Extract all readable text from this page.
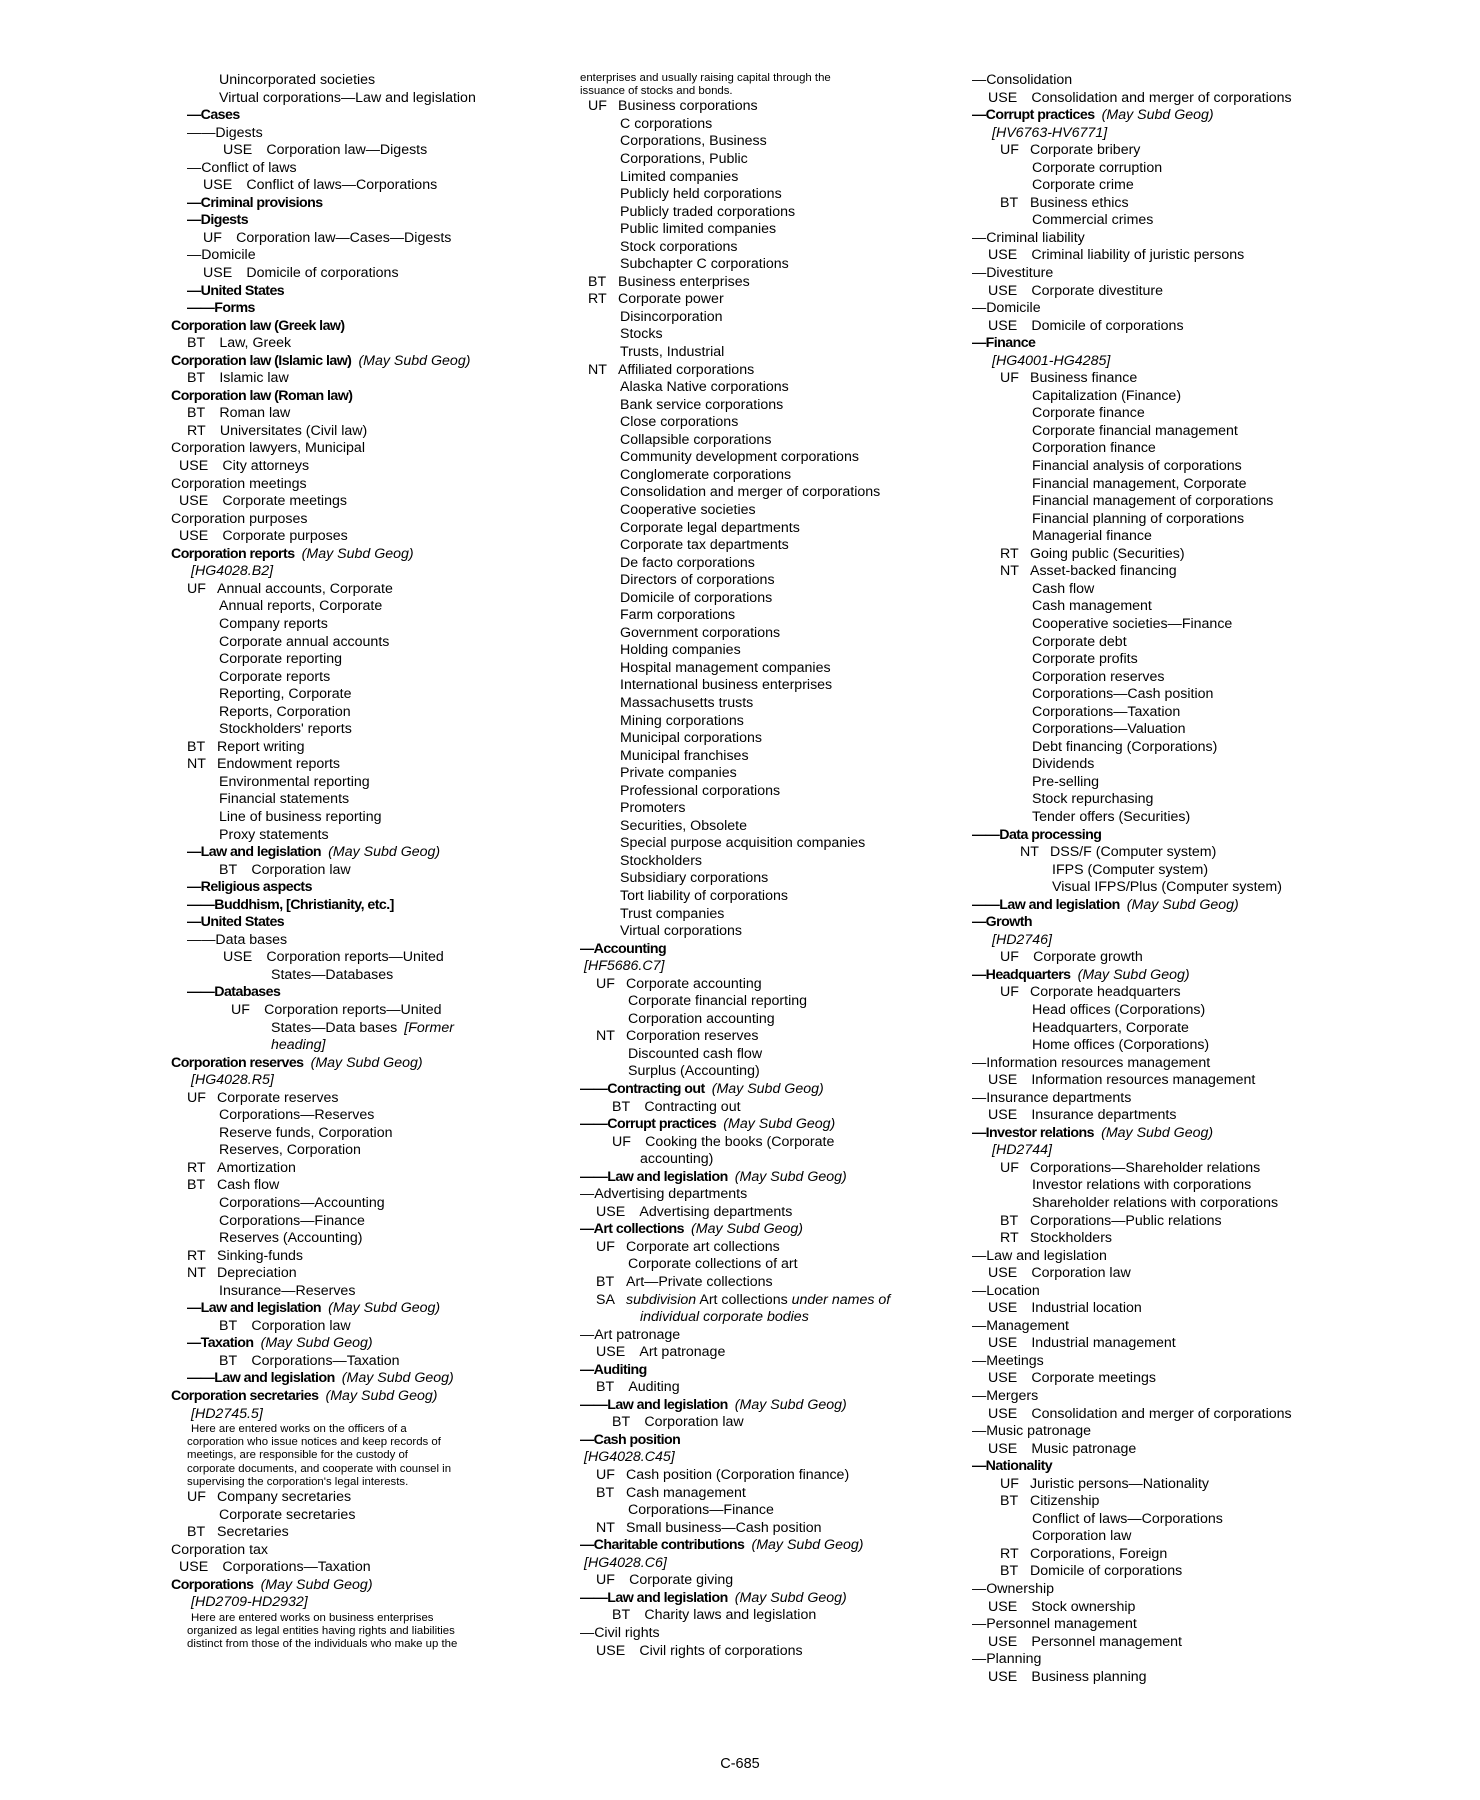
Unincorporated societies
Virtual corporations—Law and legislation
—Cases
——Digests
USE Corporation law—Digests
—Conflict of laws
USE Conflict of laws—Corporations
—Criminal provisions
—Digests
UF Corporation law—Cases—Digests
—Domicile
USE Domicile of corporations
—United States
——Forms
Corporation law (Greek law)
BT Law, Greek
Corporation law (Islamic law) (May Subd Geog)
BT Islamic law
Corporation law (Roman law)
BT Roman law
RT Universitates (Civil law)
Corporation lawyers, Municipal
USE City attorneys
Corporation meetings
USE Corporate meetings
Corporation purposes
USE Corporate purposes
Corporation reports (May Subd Geog)
[HG4028.B2]
UF Annual accounts, Corporate
Annual reports, Corporate
Company reports
Corporate annual accounts
Corporate reporting
Corporate reports
Reporting, Corporate
Reports, Corporation
Stockholders' reports
BT Report writing
NT Endowment reports
Environmental reporting
Financial statements
Line of business reporting
Proxy statements
—Law and legislation (May Subd Geog)
BT Corporation law
—Religious aspects
——Buddhism, [Christianity, etc.]
—United States
——Data bases
USE Corporation reports—United
States—Databases
——Databases
UF Corporation reports—United
States—Data bases [Former
heading]
Corporation reserves (May Subd Geog)
[HG4028.R5]
UF Corporate reserves
Corporations—Reserves
Reserve funds, Corporation
Reserves, Corporation
RT Amortization
BT Cash flow
Corporations—Accounting
Corporations—Finance
Reserves (Accounting)
RT Sinking-funds
NT Depreciation
Insurance—Reserves
—Law and legislation (May Subd Geog)
BT Corporation law
—Taxation (May Subd Geog)
BT Corporations—Taxation
——Law and legislation (May Subd Geog)
Corporation secretaries (May Subd Geog)
[HD2745.5]
Here are entered works on the officers of a
corporation who issue notices and keep records of
meetings, are responsible for the custody of
corporate documents, and cooperate with counsel in
supervising the corporation's legal interests.
UF Company secretaries
Corporate secretaries
BT Secretaries
Corporation tax
USE Corporations—Taxation
Corporations (May Subd Geog)
[HD2709-HD2932]
Here are entered works on business enterprises
organized as legal entities having rights and liabilities
distinct from those of the individuals who make up the
enterprises and usually raising capital through the
issuance of stocks and bonds.
UF Business corporations
C corporations
Corporations, Business
Corporations, Public
Limited companies
Publicly held corporations
Publicly traded corporations
Public limited companies
Stock corporations
Subchapter C corporations
BT Business enterprises
RT Corporate power
Disincorporation
Stocks
Trusts, Industrial
NT Affiliated corporations
Alaska Native corporations
Bank service corporations
Close corporations
Collapsible corporations
Community development corporations
Conglomerate corporations
Consolidation and merger of corporations
Cooperative societies
Corporate legal departments
Corporate tax departments
De facto corporations
Directors of corporations
Domicile of corporations
Farm corporations
Government corporations
Holding companies
Hospital management companies
International business enterprises
Massachusetts trusts
Mining corporations
Municipal corporations
Municipal franchises
Private companies
Professional corporations
Promoters
Securities, Obsolete
Special purpose acquisition companies
Stockholders
Subsidiary corporations
Tort liability of corporations
Trust companies
Virtual corporations
—Accounting
[HF5686.C7]
UF Corporate accounting
Corporate financial reporting
Corporation accounting
NT Corporation reserves
Discounted cash flow
Surplus (Accounting)
——Contracting out (May Subd Geog)
BT Contracting out
——Corrupt practices (May Subd Geog)
UF Cooking the books (Corporate
accounting)
——Law and legislation (May Subd Geog)
—Advertising departments
USE Advertising departments
—Art collections (May Subd Geog)
UF Corporate art collections
Corporate collections of art
BT Art—Private collections
SA subdivision Art collections under names of
individual corporate bodies
—Art patronage
USE Art patronage
—Auditing
BT Auditing
——Law and legislation (May Subd Geog)
BT Corporation law
—Cash position
[HG4028.C45]
UF Cash position (Corporation finance)
BT Cash management
Corporations—Finance
NT Small business—Cash position
—Charitable contributions (May Subd Geog)
[HG4028.C6]
UF Corporate giving
——Law and legislation (May Subd Geog)
BT Charity laws and legislation
—Civil rights
USE Civil rights of corporations
—Consolidation
USE Consolidation and merger of corporations
—Corrupt practices (May Subd Geog)
[HV6763-HV6771]
UF Corporate bribery
Corporate corruption
Corporate crime
BT Business ethics
Commercial crimes
—Criminal liability
USE Criminal liability of juristic persons
—Divestiture
USE Corporate divestiture
—Domicile
USE Domicile of corporations
—Finance
[HG4001-HG4285]
UF Business finance
Capitalization (Finance)
Corporate finance
Corporate financial management
Corporation finance
Financial analysis of corporations
Financial management, Corporate
Financial management of corporations
Financial planning of corporations
Managerial finance
RT Going public (Securities)
NT Asset-backed financing
Cash flow
Cash management
Cooperative societies—Finance
Corporate debt
Corporate profits
Corporation reserves
Corporations—Cash position
Corporations—Taxation
Corporations—Valuation
Debt financing (Corporations)
Dividends
Pre-selling
Stock repurchasing
Tender offers (Securities)
——Data processing
NT DSS/F (Computer system)
IFPS (Computer system)
Visual IFPS/Plus (Computer system)
——Law and legislation (May Subd Geog)
—Growth
[HD2746]
UF Corporate growth
—Headquarters (May Subd Geog)
UF Corporate headquarters
Head offices (Corporations)
Headquarters, Corporate
Home offices (Corporations)
—Information resources management
USE Information resources management
—Insurance departments
USE Insurance departments
—Investor relations (May Subd Geog)
[HD2744]
UF Corporations—Shareholder relations
Investor relations with corporations
Shareholder relations with corporations
BT Corporations—Public relations
RT Stockholders
—Law and legislation
USE Corporation law
—Location
USE Industrial location
—Management
USE Industrial management
—Meetings
USE Corporate meetings
—Mergers
USE Consolidation and merger of corporations
—Music patronage
USE Music patronage
—Nationality
UF Juristic persons—Nationality
BT Citizenship
Conflict of laws—Corporations
Corporation law
RT Corporations, Foreign
BT Domicile of corporations
—Ownership
USE Stock ownership
—Personnel management
USE Personnel management
—Planning
USE Business planning
C-685
